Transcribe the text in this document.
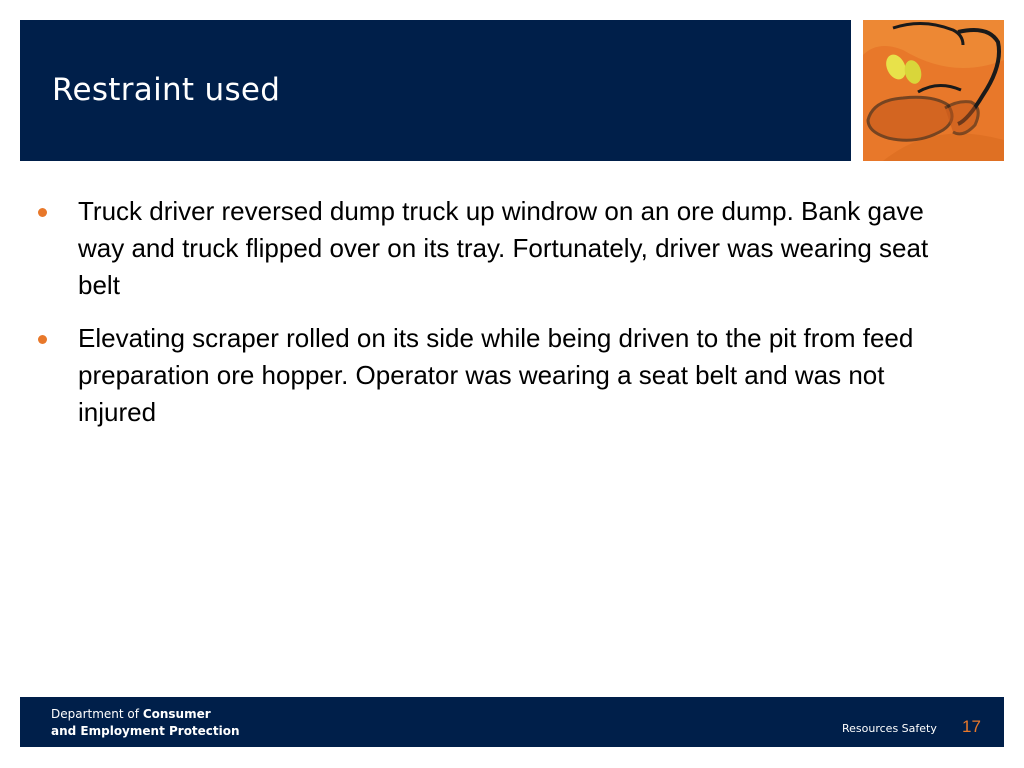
Restraint used
Truck driver reversed dump truck up windrow on an ore dump. Bank gave way and truck flipped over on its tray. Fortunately, driver was wearing seat belt
Elevating scraper rolled on its side while being driven to the pit from feed preparation ore hopper. Operator was wearing a seat belt and was not injured
Department of Consumer
and Employment Protection	Resources Safety 17
